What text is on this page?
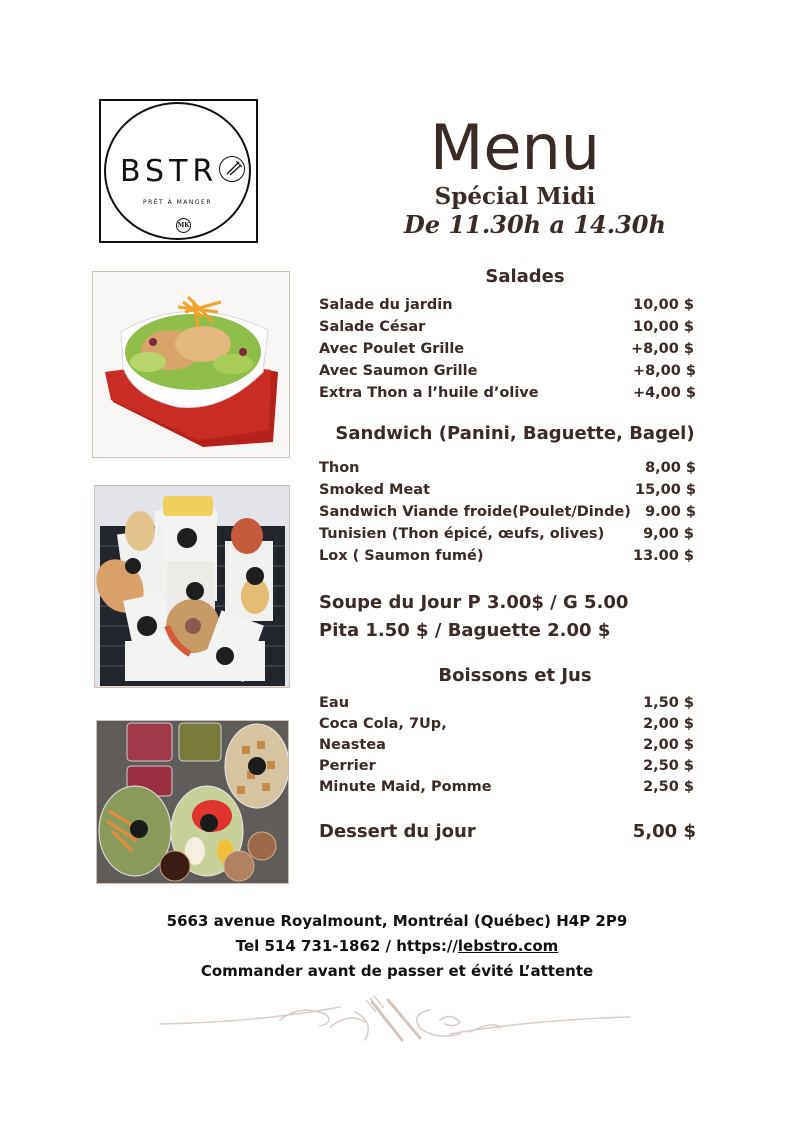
BSTR
PRÊT À MANGER
MK
Menu
Spécial Midi
De 11.30h a 14.30h
Salades
Salade du jardin	10,00 $
Salade César	10,00 $
Avec Poulet Grille	+8,00 $
Avec Saumon Grille	+8,00 $
Extra Thon a l’huile d’olive	+4,00 $
Sandwich (Panini, Baguette, Bagel)
Thon	8,00 $
Smoked Meat	15,00 $
Sandwich Viande froide(Poulet/Dinde) 9.00 $
Tunisien (Thon épicé, œufs, olives)	9,00 $
Lox ( Saumon fumé)	13.00 $
Soupe du Jour P 3.00$ / G 5.00
Pita 1.50 $ / Baguette 2.00 $
Boissons et Jus
Eau	1,50 $
Coca Cola, 7Up,	2,00 $
Neastea	2,00 $
Perrier	2,50 $
Minute Maid, Pomme	2,50 $
Dessert du jour	5,00 $
5663 avenue Royalmount, Montréal (Québec) H4P 2P9
Tel 514 731-1862 / https://lebstro.com
Commander avant de passer et évité L’attente
